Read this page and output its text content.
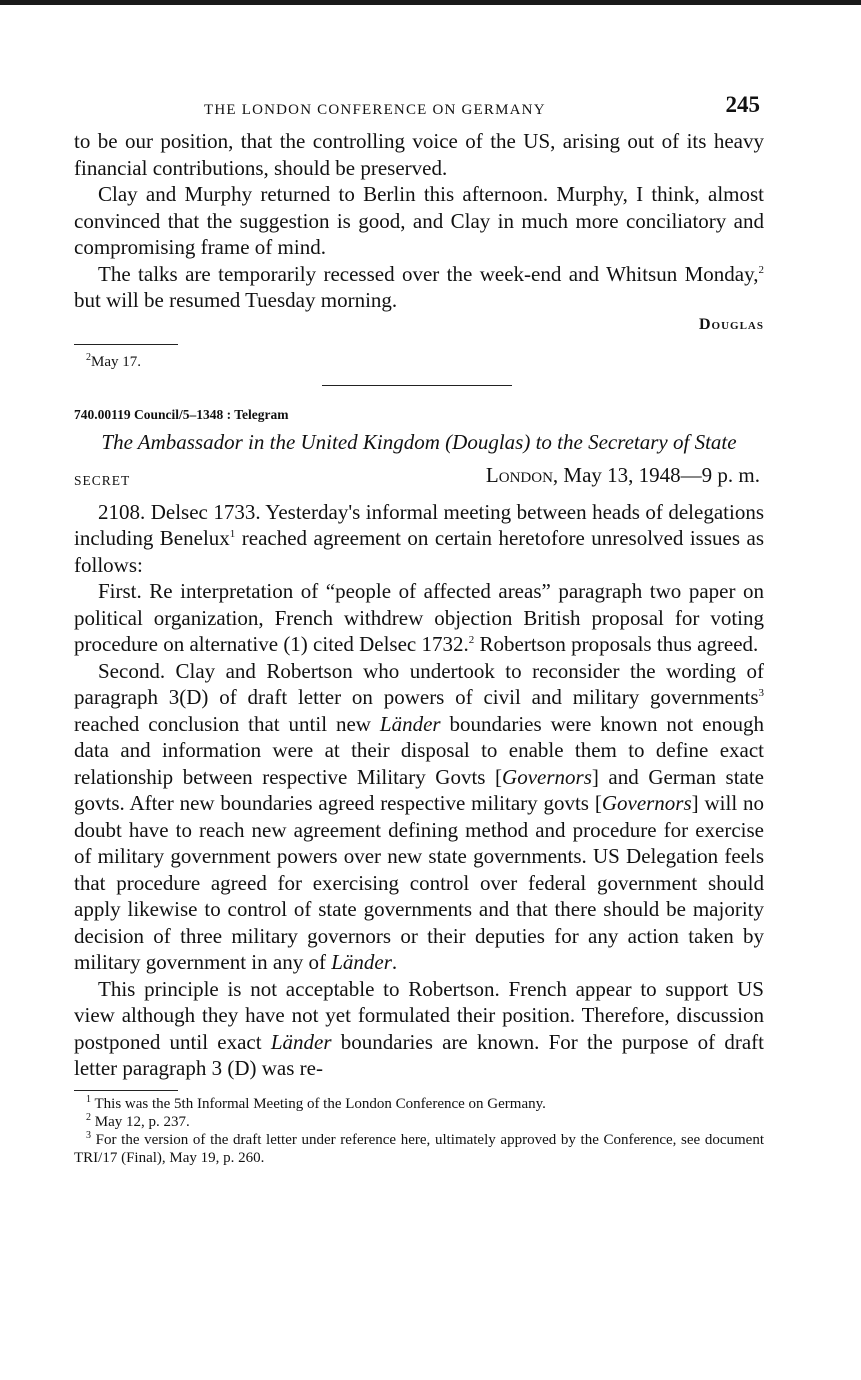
THE LONDON CONFERENCE ON GERMANY	245

to be our position, that the controlling voice of the US, arising out of its heavy financial contributions, should be preserved.

Clay and Murphy returned to Berlin this afternoon. Murphy, I think, almost convinced that the suggestion is good, and Clay in much more conciliatory and compromising frame of mind.

The talks are temporarily recessed over the week-end and Whitsun Monday,$^2$ but will be resumed Tuesday morning.

Douglas

$^2$May 17.

740.00119 Council/5–1348 : Telegram
The Ambassador in the United Kingdom (Douglas) to the Secretary of State
SECRET	London, May 13, 1948—9 p. m.

2108. Delsec 1733. Yesterday's informal meeting between heads of delegations including Benelux$^1$ reached agreement on certain heretofore unresolved issues as follows:

First. Re interpretation of “people of affected areas” paragraph two paper on political organization, French withdrew objection British proposal for voting procedure on alternative (1) cited Delsec 1732.$^2$ Robertson proposals thus agreed.

Second. Clay and Robertson who undertook to reconsider the wording of paragraph 3(D) of draft letter on powers of civil and military governments$^3$ reached conclusion that until new Länder boundaries were known not enough data and information were at their disposal to enable them to define exact relationship between respective Military Govts [Governors] and German state govts. After new boundaries agreed respective military govts [Governors] will no doubt have to reach new agreement defining method and procedure for exercise of military government powers over new state governments. US Delegation feels that procedure agreed for exercising control over federal government should apply likewise to control of state governments and that there should be majority decision of three military governors or their deputies for any action taken by military government in any of Länder.

This principle is not acceptable to Robertson. French appear to support US view although they have not yet formulated their position. Therefore, discussion postponed until exact Länder boundaries are known. For the purpose of draft letter paragraph 3 (D) was re-

$^1$ This was the 5th Informal Meeting of the London Conference on Germany.

$^2$ May 12, p. 237.

$^3$ For the version of the draft letter under reference here, ultimately approved by the Conference, see document TRI/17 (Final), May 19, p. 260.
